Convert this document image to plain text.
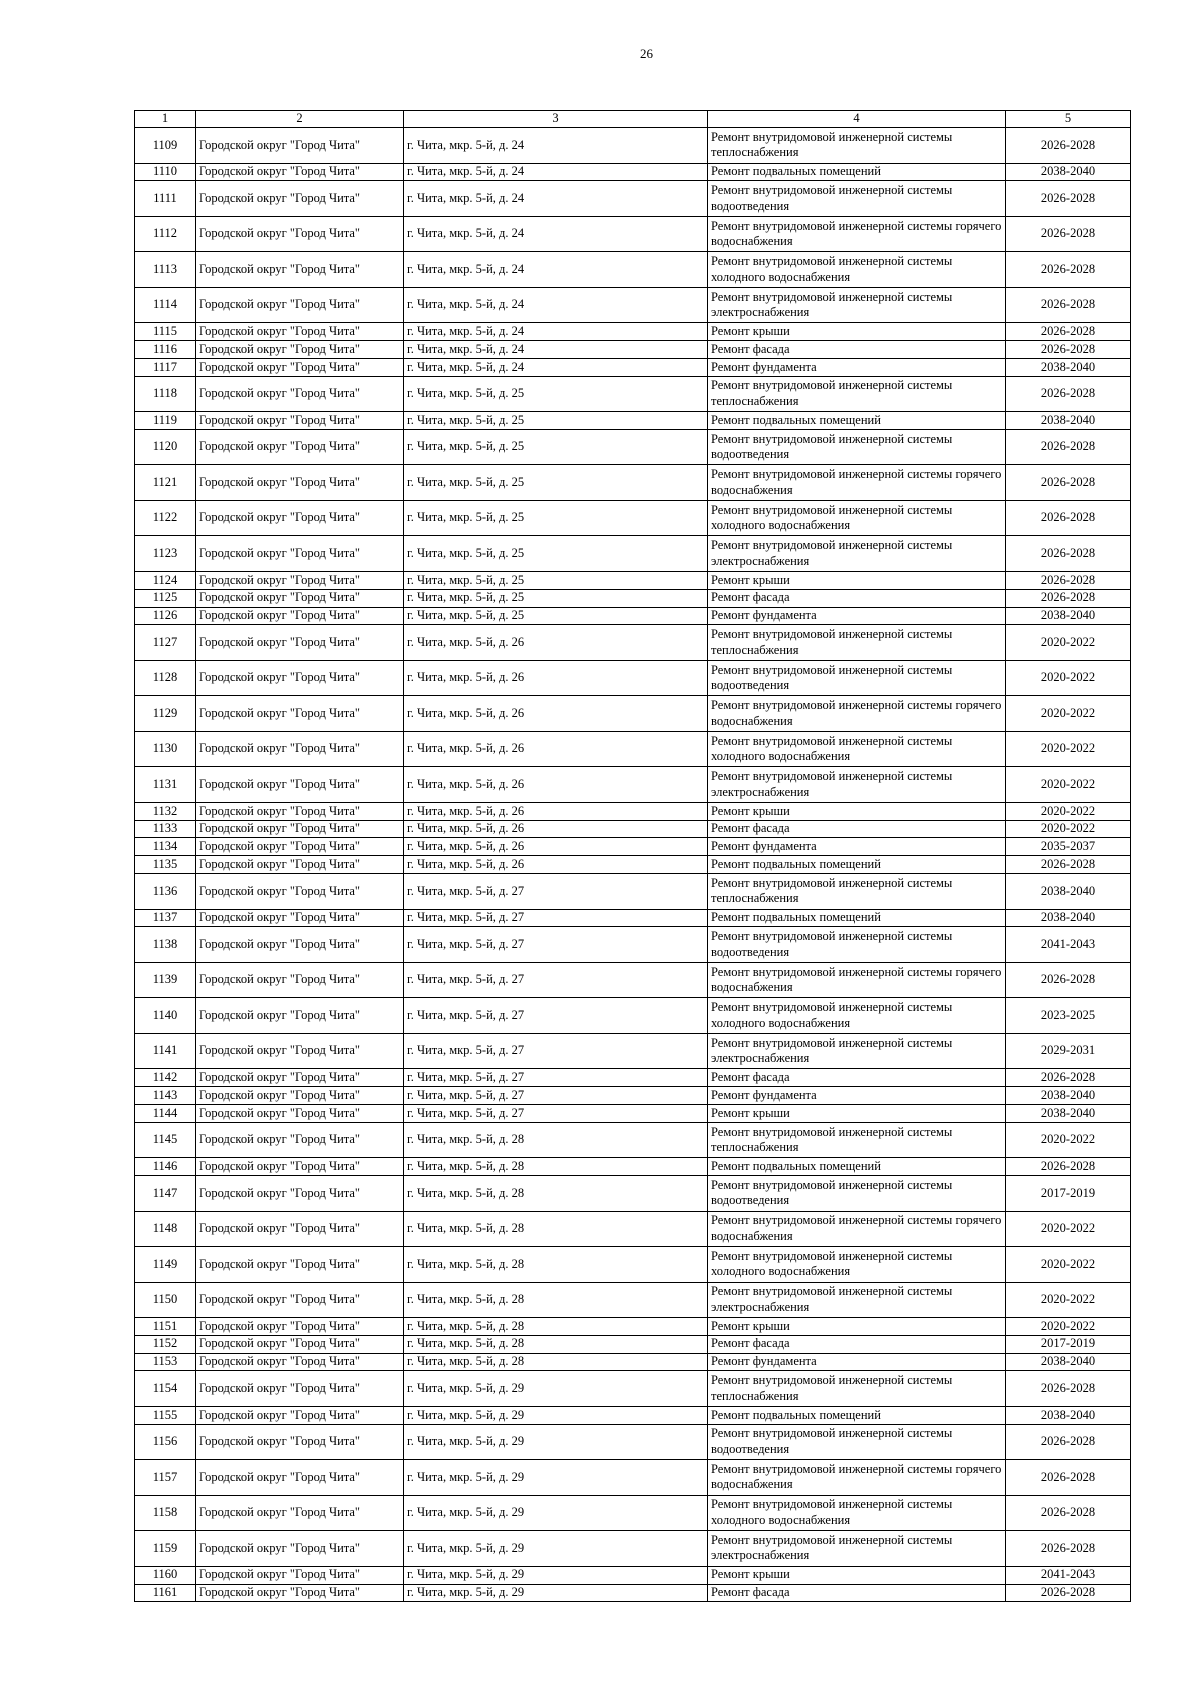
26
1	2	3	4	5
1109	Городской округ "Город Чита"	г. Чита, мкр. 5-й, д. 24	Ремонт внутридомовой инженерной системы теплоснабжения	2026-2028
1110	Городской округ "Город Чита"	г. Чита, мкр. 5-й, д. 24	Ремонт подвальных помещений	2038-2040
1111	Городской округ "Город Чита"	г. Чита, мкр. 5-й, д. 24	Ремонт внутридомовой инженерной системы водоотведения	2026-2028
1112	Городской округ "Город Чита"	г. Чита, мкр. 5-й, д. 24	Ремонт внутридомовой инженерной системы горячего водоснабжения	2026-2028
1113	Городской округ "Город Чита"	г. Чита, мкр. 5-й, д. 24	Ремонт внутридомовой инженерной системы холодного водоснабжения	2026-2028
1114	Городской округ "Город Чита"	г. Чита, мкр. 5-й, д. 24	Ремонт внутридомовой инженерной системы электроснабжения	2026-2028
1115	Городской округ "Город Чита"	г. Чита, мкр. 5-й, д. 24	Ремонт крыши	2026-2028
1116	Городской округ "Город Чита"	г. Чита, мкр. 5-й, д. 24	Ремонт фасада	2026-2028
1117	Городской округ "Город Чита"	г. Чита, мкр. 5-й, д. 24	Ремонт фундамента	2038-2040
1118	Городской округ "Город Чита"	г. Чита, мкр. 5-й, д. 25	Ремонт внутридомовой инженерной системы теплоснабжения	2026-2028
1119	Городской округ "Город Чита"	г. Чита, мкр. 5-й, д. 25	Ремонт подвальных помещений	2038-2040
1120	Городской округ "Город Чита"	г. Чита, мкр. 5-й, д. 25	Ремонт внутридомовой инженерной системы водоотведения	2026-2028
1121	Городской округ "Город Чита"	г. Чита, мкр. 5-й, д. 25	Ремонт внутридомовой инженерной системы горячего водоснабжения	2026-2028
1122	Городской округ "Город Чита"	г. Чита, мкр. 5-й, д. 25	Ремонт внутридомовой инженерной системы холодного водоснабжения	2026-2028
1123	Городской округ "Город Чита"	г. Чита, мкр. 5-й, д. 25	Ремонт внутридомовой инженерной системы электроснабжения	2026-2028
1124	Городской округ "Город Чита"	г. Чита, мкр. 5-й, д. 25	Ремонт крыши	2026-2028
1125	Городской округ "Город Чита"	г. Чита, мкр. 5-й, д. 25	Ремонт фасада	2026-2028
1126	Городской округ "Город Чита"	г. Чита, мкр. 5-й, д. 25	Ремонт фундамента	2038-2040
1127	Городской округ "Город Чита"	г. Чита, мкр. 5-й, д. 26	Ремонт внутридомовой инженерной системы теплоснабжения	2020-2022
1128	Городской округ "Город Чита"	г. Чита, мкр. 5-й, д. 26	Ремонт внутридомовой инженерной системы водоотведения	2020-2022
1129	Городской округ "Город Чита"	г. Чита, мкр. 5-й, д. 26	Ремонт внутридомовой инженерной системы горячего водоснабжения	2020-2022
1130	Городской округ "Город Чита"	г. Чита, мкр. 5-й, д. 26	Ремонт внутридомовой инженерной системы холодного водоснабжения	2020-2022
1131	Городской округ "Город Чита"	г. Чита, мкр. 5-й, д. 26	Ремонт внутридомовой инженерной системы электроснабжения	2020-2022
1132	Городской округ "Город Чита"	г. Чита, мкр. 5-й, д. 26	Ремонт крыши	2020-2022
1133	Городской округ "Город Чита"	г. Чита, мкр. 5-й, д. 26	Ремонт фасада	2020-2022
1134	Городской округ "Город Чита"	г. Чита, мкр. 5-й, д. 26	Ремонт фундамента	2035-2037
1135	Городской округ "Город Чита"	г. Чита, мкр. 5-й, д. 26	Ремонт подвальных помещений	2026-2028
1136	Городской округ "Город Чита"	г. Чита, мкр. 5-й, д. 27	Ремонт внутридомовой инженерной системы теплоснабжения	2038-2040
1137	Городской округ "Город Чита"	г. Чита, мкр. 5-й, д. 27	Ремонт подвальных помещений	2038-2040
1138	Городской округ "Город Чита"	г. Чита, мкр. 5-й, д. 27	Ремонт внутридомовой инженерной системы водоотведения	2041-2043
1139	Городской округ "Город Чита"	г. Чита, мкр. 5-й, д. 27	Ремонт внутридомовой инженерной системы горячего водоснабжения	2026-2028
1140	Городской округ "Город Чита"	г. Чита, мкр. 5-й, д. 27	Ремонт внутридомовой инженерной системы холодного водоснабжения	2023-2025
1141	Городской округ "Город Чита"	г. Чита, мкр. 5-й, д. 27	Ремонт внутридомовой инженерной системы электроснабжения	2029-2031
1142	Городской округ "Город Чита"	г. Чита, мкр. 5-й, д. 27	Ремонт фасада	2026-2028
1143	Городской округ "Город Чита"	г. Чита, мкр. 5-й, д. 27	Ремонт фундамента	2038-2040
1144	Городской округ "Город Чита"	г. Чита, мкр. 5-й, д. 27	Ремонт крыши	2038-2040
1145	Городской округ "Город Чита"	г. Чита, мкр. 5-й, д. 28	Ремонт внутридомовой инженерной системы теплоснабжения	2020-2022
1146	Городской округ "Город Чита"	г. Чита, мкр. 5-й, д. 28	Ремонт подвальных помещений	2026-2028
1147	Городской округ "Город Чита"	г. Чита, мкр. 5-й, д. 28	Ремонт внутридомовой инженерной системы водоотведения	2017-2019
1148	Городской округ "Город Чита"	г. Чита, мкр. 5-й, д. 28	Ремонт внутридомовой инженерной системы горячего водоснабжения	2020-2022
1149	Городской округ "Город Чита"	г. Чита, мкр. 5-й, д. 28	Ремонт внутридомовой инженерной системы холодного водоснабжения	2020-2022
1150	Городской округ "Город Чита"	г. Чита, мкр. 5-й, д. 28	Ремонт внутридомовой инженерной системы электроснабжения	2020-2022
1151	Городской округ "Город Чита"	г. Чита, мкр. 5-й, д. 28	Ремонт крыши	2020-2022
1152	Городской округ "Город Чита"	г. Чита, мкр. 5-й, д. 28	Ремонт фасада	2017-2019
1153	Городской округ "Город Чита"	г. Чита, мкр. 5-й, д. 28	Ремонт фундамента	2038-2040
1154	Городской округ "Город Чита"	г. Чита, мкр. 5-й, д. 29	Ремонт внутридомовой инженерной системы теплоснабжения	2026-2028
1155	Городской округ "Город Чита"	г. Чита, мкр. 5-й, д. 29	Ремонт подвальных помещений	2038-2040
1156	Городской округ "Город Чита"	г. Чита, мкр. 5-й, д. 29	Ремонт внутридомовой инженерной системы водоотведения	2026-2028
1157	Городской округ "Город Чита"	г. Чита, мкр. 5-й, д. 29	Ремонт внутридомовой инженерной системы горячего водоснабжения	2026-2028
1158	Городской округ "Город Чита"	г. Чита, мкр. 5-й, д. 29	Ремонт внутридомовой инженерной системы холодного водоснабжения	2026-2028
1159	Городской округ "Город Чита"	г. Чита, мкр. 5-й, д. 29	Ремонт внутридомовой инженерной системы электроснабжения	2026-2028
1160	Городской округ "Город Чита"	г. Чита, мкр. 5-й, д. 29	Ремонт крыши	2041-2043
1161	Городской округ "Город Чита"	г. Чита, мкр. 5-й, д. 29	Ремонт фасада	2026-2028
